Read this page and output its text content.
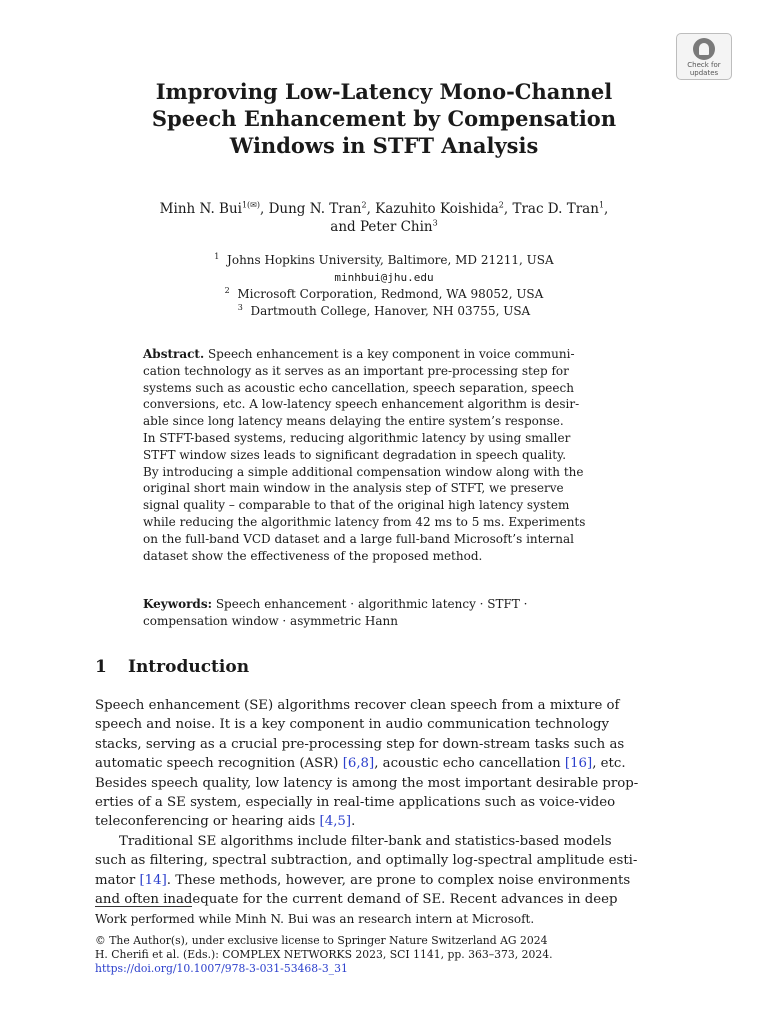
Check for
updates
Improving Low-Latency Mono-Channel
Speech Enhancement by Compensation
Windows in STFT Analysis
Minh N. Bui$^{1(✉)}$, Dung N. Tran$^2$, Kazuhito Koishida$^2$, Trac D. Tran$^1$,
and Peter Chin$^3$
$^1$ Johns Hopkins University, Baltimore, MD 21211, USA
minhbui@jhu.edu
$^2$ Microsoft Corporation, Redmond, WA 98052, USA
$^3$ Dartmouth College, Hanover, NH 03755, USA
Abstract. Speech enhancement is a key component in voice communi-
cation technology as it serves as an important pre-processing step for
systems such as acoustic echo cancellation, speech separation, speech
conversions, etc. A low-latency speech enhancement algorithm is desir-
able since long latency means delaying the entire system’s response.
In STFT-based systems, reducing algorithmic latency by using smaller
STFT window sizes leads to significant degradation in speech quality.
By introducing a simple additional compensation window along with the
original short main window in the analysis step of STFT, we preserve
signal quality – comparable to that of the original high latency system
while reducing the algorithmic latency from 42 ms to 5 ms. Experiments
on the full-band VCD dataset and a large full-band Microsoft’s internal
dataset show the effectiveness of the proposed method.
Keywords: Speech enhancement · algorithmic latency · STFT ·
compensation window · asymmetric Hann
1 Introduction
Speech enhancement (SE) algorithms recover clean speech from a mixture of
speech and noise. It is a key component in audio communication technology
stacks, serving as a crucial pre-processing step for down-stream tasks such as
automatic speech recognition (ASR) [6,8], acoustic echo cancellation [16], etc.
Besides speech quality, low latency is among the most important desirable prop-
erties of a SE system, especially in real-time applications such as voice-video
teleconferencing or hearing aids [4,5].
Traditional SE algorithms include filter-bank and statistics-based models
such as filtering, spectral subtraction, and optimally log-spectral amplitude esti-
mator [14]. These methods, however, are prone to complex noise environments
and often inadequate for the current demand of SE. Recent advances in deep
Work performed while Minh N. Bui was an research intern at Microsoft.
© The Author(s), under exclusive license to Springer Nature Switzerland AG 2024
H. Cherifi et al. (Eds.): COMPLEX NETWORKS 2023, SCI 1141, pp. 363–373, 2024.
https://doi.org/10.1007/978-3-031-53468-3_31
